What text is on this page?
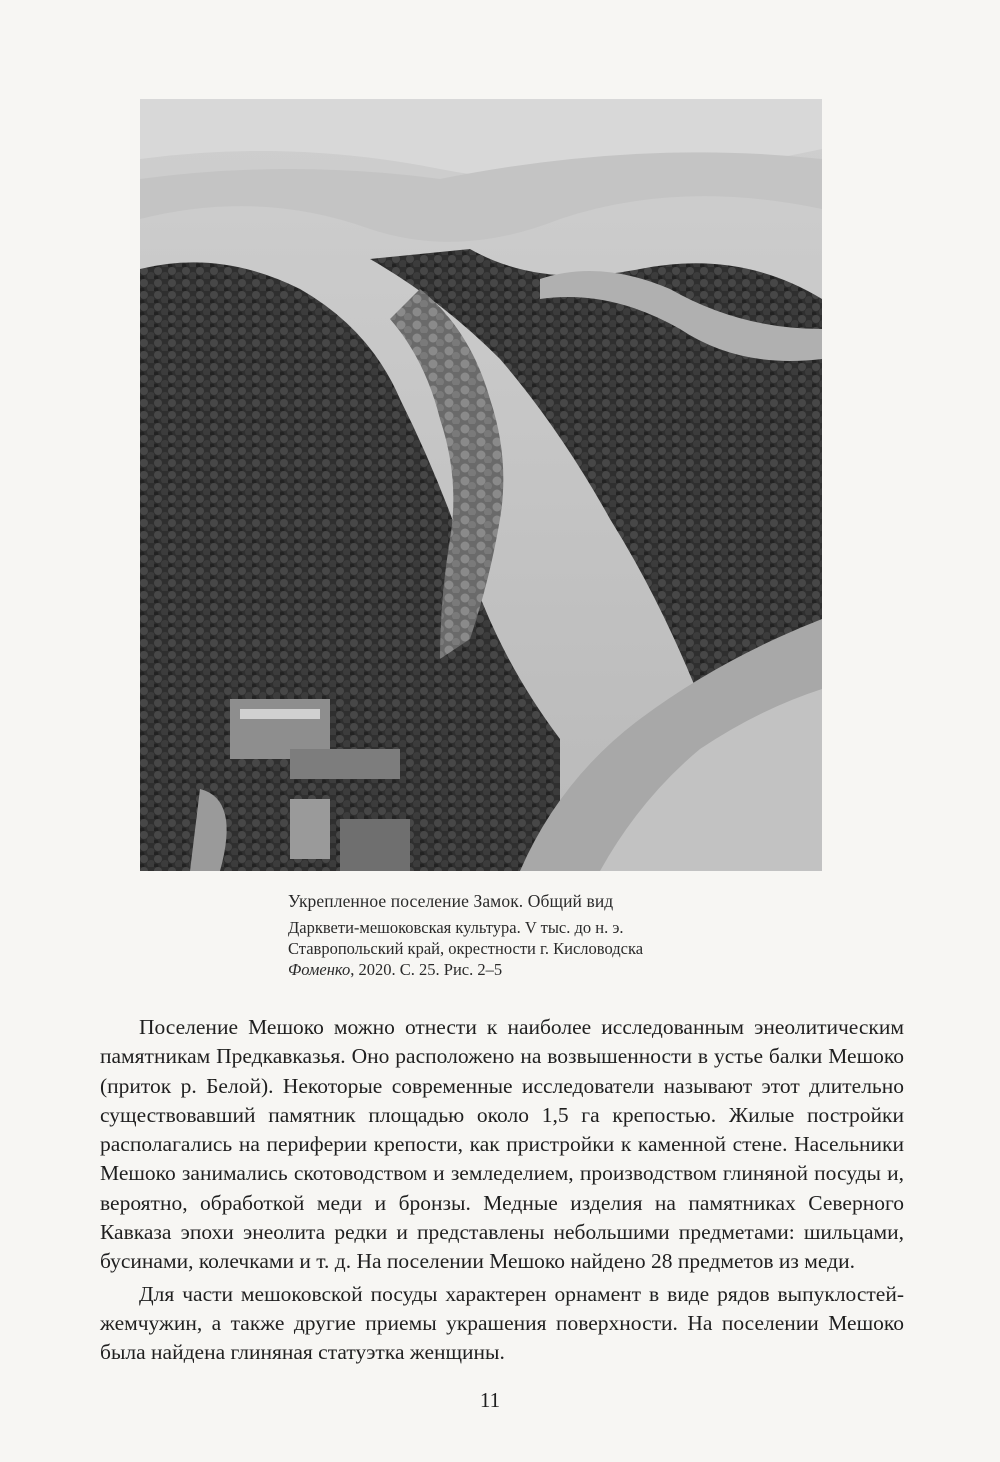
Укрепленное поселение Замок. Общий вид
Дарквети-мешоковская культура. V тыс. до н. э.
Ставропольский край, окрестности г. Кисловодска
Фоменко, 2020. С. 25. Рис. 2–5

Поселение Мешоко можно отнести к наиболее исследованным энеолитическим памятникам Предкавказья. Оно расположено на возвышенности в устье балки Мешоко (приток р. Белой). Некоторые современные исследователи называют этот длительно существовавший памятник площадью около 1,5 га крепостью. Жилые постройки располагались на периферии крепости, как пристройки к каменной стене. Насельники Мешоко занимались скотоводством и земледелием, производством глиняной посуды и, вероятно, обработкой меди и бронзы. Медные изделия на памятниках Северного Кавказа эпохи энеолита редки и представлены небольшими предметами: шильцами, бусинами, колечками и т. д. На поселении Мешоко найдено 28 предметов из меди.

Для части мешоковской посуды характерен орнамент в виде рядов выпуклостей-жемчужин, а также другие приемы украшения поверхности. На поселении Мешоко была найдена глиняная статуэтка женщины.

11
